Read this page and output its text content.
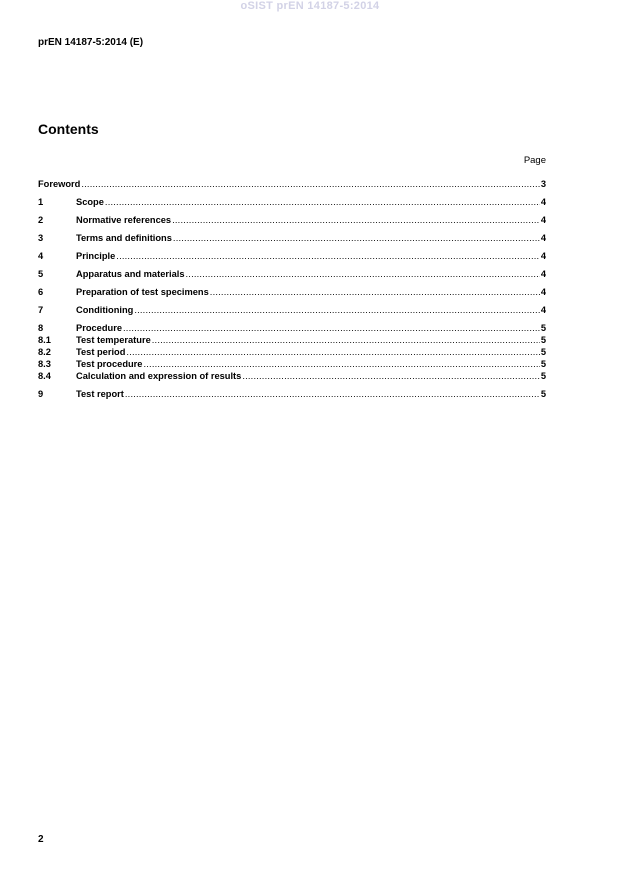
oSIST prEN 14187-5:2014
prEN 14187-5:2014 (E)
Contents
Page
Foreword .....	3
1	Scope .....	4
2	Normative references .....	4
3	Terms and definitions .....	4
4	Principle .....	4
5	Apparatus and materials .....	4
6	Preparation of test specimens .....	4
7	Conditioning .....	4
8	Procedure .....	5
8.1	Test temperature .....	5
8.2	Test period .....	5
8.3	Test procedure .....	5
8.4	Calculation and expression of results .....	5
9	Test report .....	5
2
